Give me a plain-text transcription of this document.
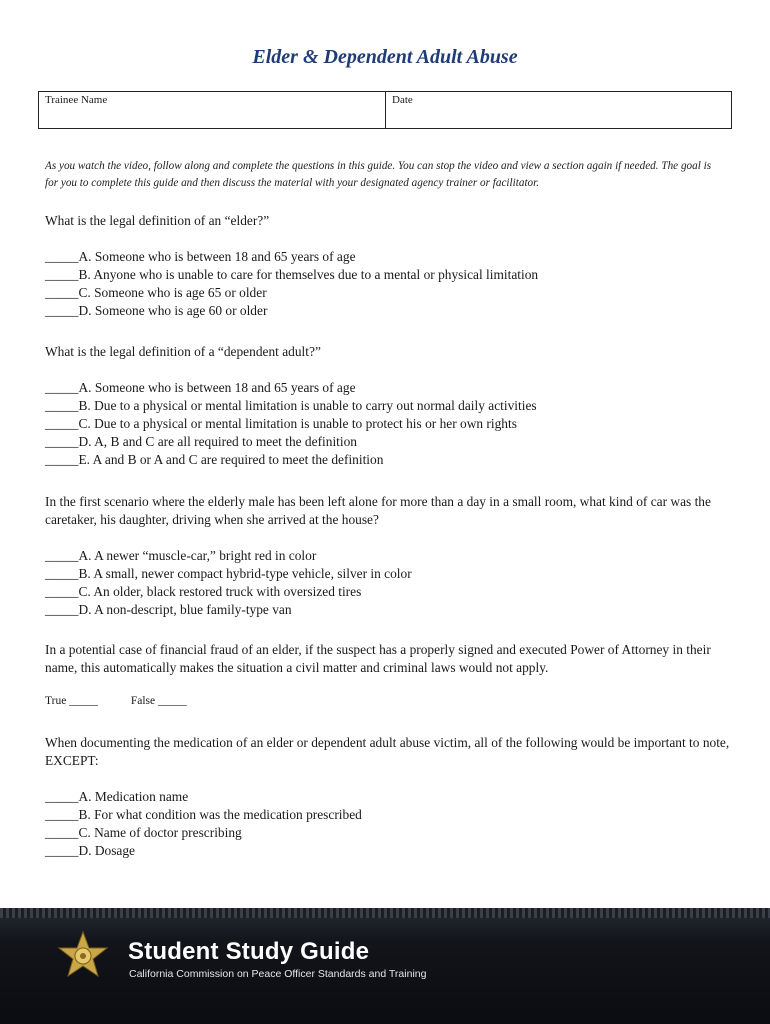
Elder & Dependent Adult Abuse
Trainee Name	Date
As you watch the video, follow along and complete the questions in this guide. You can stop the video and view a section again if needed. The goal is for you to complete this guide and then discuss the material with your designated agency trainer or facilitator.

What is the legal definition of an “elder?”

_____A. Someone who is between 18 and 65 years of age
_____B. Anyone who is unable to care for themselves due to a mental or physical limitation
_____C. Someone who is age 65 or older
_____D. Someone who is age 60 or older

What is the legal definition of a “dependent adult?”

_____A. Someone who is between 18 and 65 years of age
_____B. Due to a physical or mental limitation is unable to carry out normal daily activities
_____C. Due to a physical or mental limitation is unable to protect his or her own rights
_____D. A, B and C are all required to meet the definition
_____E. A and B or A and C are required to meet the definition

In the first scenario where the elderly male has been left alone for more than a day in a small room, what kind of car was the caretaker, his daughter, driving when she arrived at the house?

_____A. A newer “muscle-car,” bright red in color
_____B. A small, newer compact hybrid-type vehicle, silver in color
_____C. An older, black restored truck with oversized tires
_____D. A non-descript, blue family-type van

In a potential case of financial fraud of an elder, if the suspect has a properly signed and executed Power of Attorney in their name, this automatically makes the situation a civil matter and criminal laws would not apply.

True _____	False _____

When documenting the medication of an elder or dependent adult abuse victim, all of the following would be important to note, EXCEPT:

_____A. Medication name
_____B. For what condition was the medication prescribed
_____C. Name of doctor prescribing
_____D. Dosage
Student Study Guide
California Commission on Peace Officer Standards and Training
